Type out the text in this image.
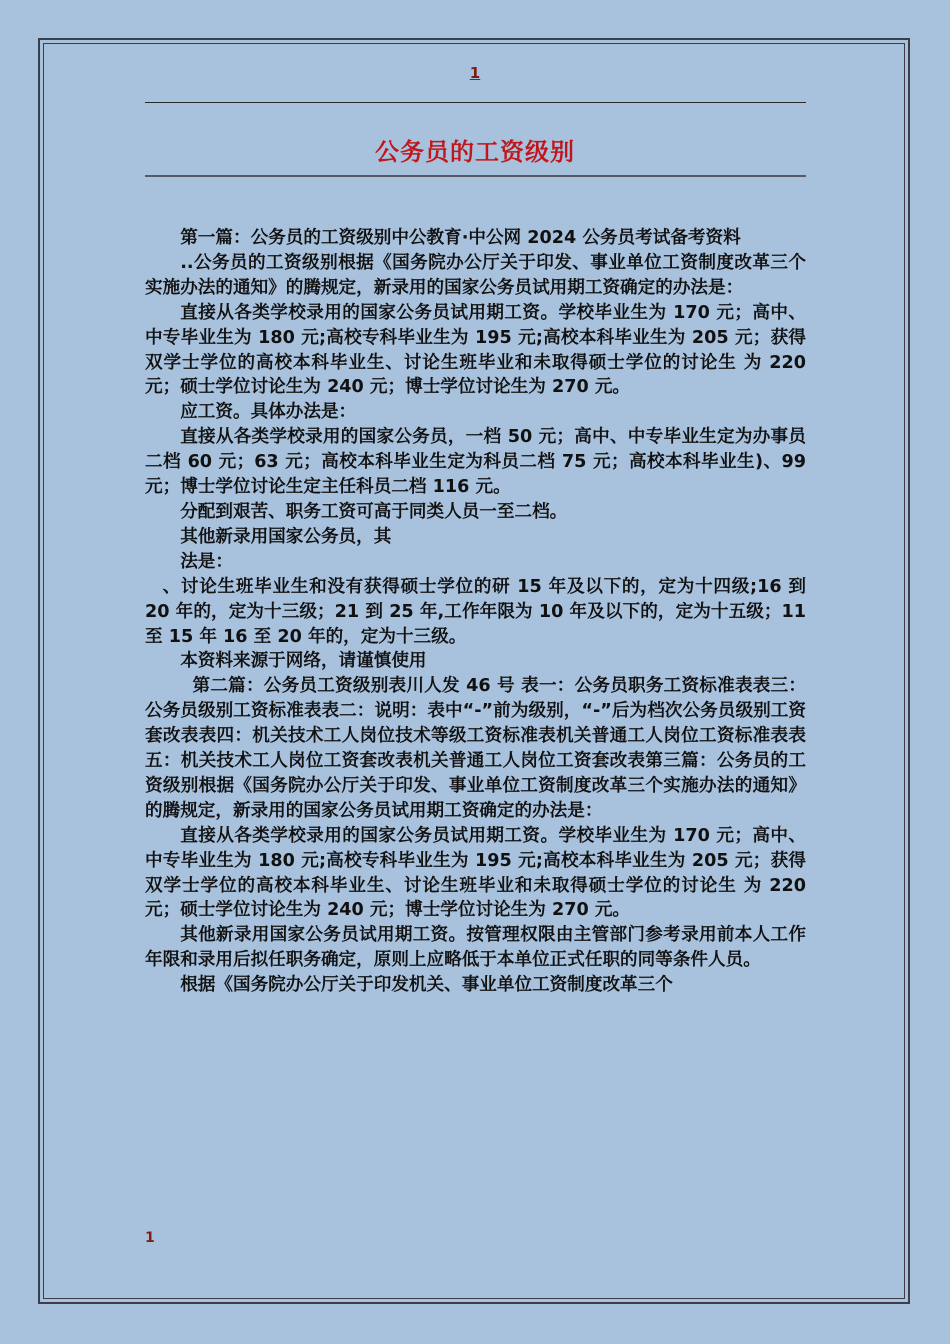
1
公务员的工资级别

第一篇：公务员的工资级别中公教育·中公网 2024 公务员考试备考资料

..公务员的工资级别根据《国务院办公厅关于印发、事业单位工资制度改革三个实施办法的通知》的腾规定，新录用的国家公务员试用期工资确定的办法是：

直接从各类学校录用的国家公务员试用期工资。学校毕业生为 170 元；高中、中专毕业生为 180 元;高校专科毕业生为 195 元;高校本科毕业生为 205 元；获得双学士学位的高校本科毕业生、讨论生班毕业和未取得硕士学位的讨论生 为 220 元；硕士学位讨论生为 240 元；博士学位讨论生为 270 元。

应工资。具体办法是：

直接从各类学校录用的国家公务员，一档 50 元；高中、中专毕业生定为办事员二档 60 元；63 元；高校本科毕业生定为科员二档 75 元；高校本科毕业生)、99 元；博士学位讨论生定主任科员二档 116 元。

分配到艰苦、职务工资可高于同类人员一至二档。

其他新录用国家公务员，其

法是：

、讨论生班毕业生和没有获得硕士学位的研 15 年及以下的，定为十四级;16 到 20 年的，定为十三级；21 到 25 年,工作年限为 10 年及以下的，定为十五级；11 至 15 年 16 至 20 年的，定为十三级。

本资料来源于网络，请谨慎使用

第二篇：公务员工资级别表川人发 46 号 表一：公务员职务工资标准表表三：公务员级别工资标准表表二：说明：表中“-”前为级别，“-”后为档次公务员级别工资套改表表四：机关技术工人岗位技术等级工资标准表机关普通工人岗位工资标准表表五：机关技术工人岗位工资套改表机关普通工人岗位工资套改表第三篇：公务员的工资级别根据《国务院办公厅关于印发、事业单位工资制度改革三个实施办法的通知》的腾规定，新录用的国家公务员试用期工资确定的办法是：

直接从各类学校录用的国家公务员试用期工资。学校毕业生为 170 元；高中、中专毕业生为 180 元;高校专科毕业生为 195 元;高校本科毕业生为 205 元；获得双学士学位的高校本科毕业生、讨论生班毕业和未取得硕士学位的讨论生 为 220 元；硕士学位讨论生为 240 元；博士学位讨论生为 270 元。

其他新录用国家公务员试用期工资。按管理权限由主管部门参考录用前本人工作年限和录用后拟任职务确定，原则上应略低于本单位正式任职的同等条件人员。

根据《国务院办公厅关于印发机关、事业单位工资制度改革三个

1
